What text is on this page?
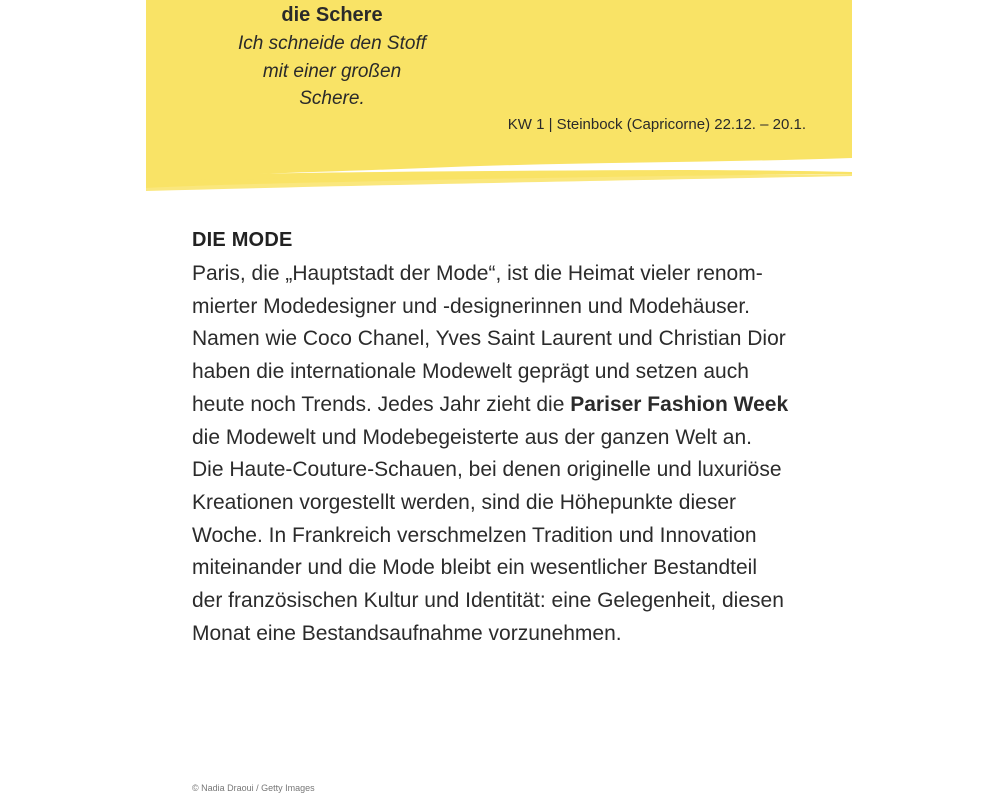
die Schere
Ich schneide den Stoff
mit einer großen
Schere.
KW 1 | Steinbock (Capricorne) 22.12. – 20.1.
DIE MODE
Paris, die „Hauptstadt der Mode“, ist die Heimat vieler renom-
mierter Modedesigner und -designerinnen und Modehäuser.
Namen wie Coco Chanel, Yves Saint Laurent und Christian Dior
haben die internationale Modewelt geprägt und setzen auch
heute noch Trends. Jedes Jahr zieht die Pariser Fashion Week
die Modewelt und Modebegeisterte aus der ganzen Welt an.
Die Haute-Couture-Schauen, bei denen originelle und luxuriöse
Kreationen vorgestellt werden, sind die Höhepunkte dieser
Woche. In Frankreich verschmelzen Tradition und Innovation
miteinander und die Mode bleibt ein wesentlicher Bestandteil
der französischen Kultur und Identität: eine Gelegenheit, diesen
Monat eine Bestandsaufnahme vorzunehmen.
© Nadia Draoui / Getty Images
